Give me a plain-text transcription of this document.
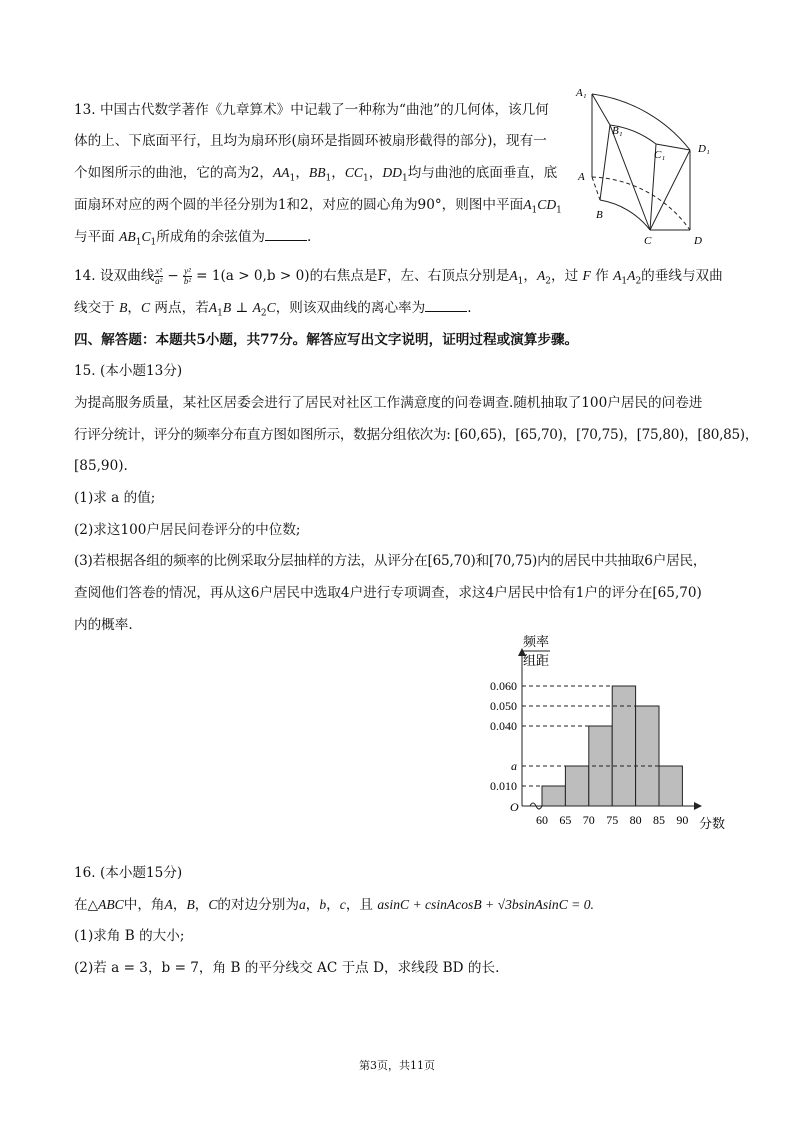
13. 中国古代数学著作《九章算术》中记载了一种称为“曲池”的几何体，该几何
体的上、下底面平行，且均为扇环形(扇环是指圆环被扇形截得的部分)，现有一
个如图所示的曲池，它的高为2，$AA_1$，$BB_1$，$CC_1$，$DD_1$均与曲池的底面垂直，底
面扇环对应的两个圆的半径分别为1和2，对应的圆心角为90°，则图中平面$A_1CD_1$
与平面 $AB_1C_1$所成角的余弦值为	.
A₁
B₁
C₁	D₁
A
B
C	D
14. 设双曲线 $\frac{\text{x²}}{\text{a²}} - \frac{\text{y²}}{\text{b²}} = 1(a > 0,b > 0)$的右焦点是F，左、右顶点分别是$A_1$，$A_2$，过 F 作 $A_1A_2$的垂线与双曲
线交于 B，C 两点，若$A_1B$ ⊥ $A_2C$，则该双曲线的离心率为	.
四、解答题：本题共5小题，共77分。解答应写出文字说明，证明过程或演算步骤。
15. (本小题13分)
为提高服务质量，某社区居委会进行了居民对社区工作满意度的问卷调查.随机抽取了100户居民的问卷进
行评分统计，评分的频率分布直方图如图所示，数据分组依次为: [60,65)，[65,70)，[70,75)，[75,80)，[80,85)，
[85,90).
(1)求 a 的值;
(2)求这100户居民问卷评分的中位数;
(3)若根据各组的频率的比例采取分层抽样的方法，从评分在[65,70)和[70,75)内的居民中共抽取6户居民，
查阅他们答卷的情况，再从这6户居民中选取4户进行专项调查，求这4户居民中恰有1户的评分在[65,70)
内的概率.
频率
组距
0.060
0.050
0.040
a
0.010
60 65 70 75 80 85 90
O
分数
16. (本小题15分)
在△ABC中，角A，B，C的对边分别为a，b，c，且 asinC + csinAcosB + √3bsinAsinC = 0.
(1)求角 B 的大小;
(2)若 a = 3，b = 7，角 B 的平分线交 AC 于点 D，求线段 BD 的长.
第3页，共11页
